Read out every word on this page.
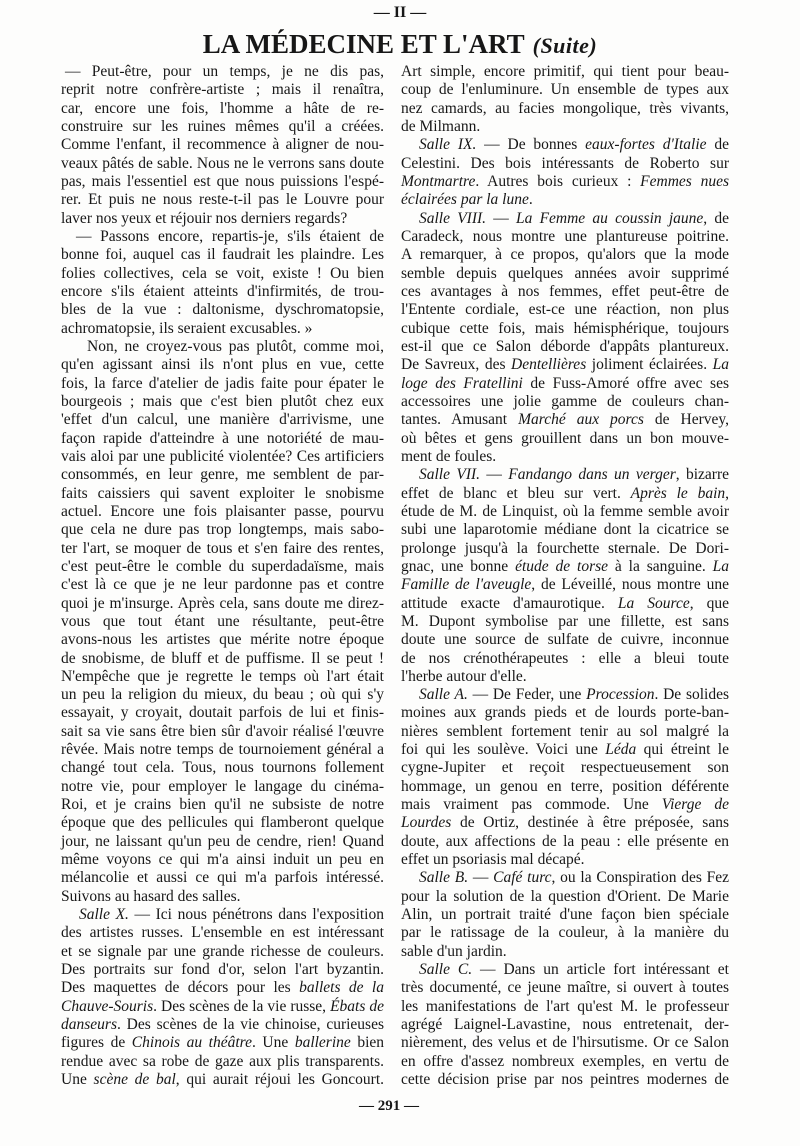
— II —
LA MÉDECINE ET L'ART (Suite)
— Peut-être, pour un temps, je ne dis pas,
reprit notre confrère-artiste ; mais il renaîtra,
car, encore une fois, l'homme a hâte de re-
construire sur les ruines mêmes qu'il a créées.
Comme l'enfant, il recommence à aligner de nou-
veaux pâtés de sable. Nous ne le verrons sans doute
pas, mais l'essentiel est que nous puissions l'espé-
rer. Et puis ne nous reste-t-il pas le Louvre pour
laver nos yeux et réjouir nos derniers regards?
— Passons encore, repartis-je, s'ils étaient de
bonne foi, auquel cas il faudrait les plaindre. Les
folies collectives, cela se voit, existe ! Ou bien
encore s'ils étaient atteints d'infirmités, de trou-
bles de la vue : daltonisme, dyschromatopsie,
achromatopsie, ils seraient excusables. »
Non, ne croyez-vous pas plutôt, comme moi,
qu'en agissant ainsi ils n'ont plus en vue, cette
fois, la farce d'atelier de jadis faite pour épater le
bourgeois ; mais que c'est bien plutôt chez eux
'effet d'un calcul, une manière d'arrivisme, une
façon rapide d'atteindre à une notoriété de mau-
vais aloi par une publicité violentée? Ces artificiers
consommés, en leur genre, me semblent de par-
faits caissiers qui savent exploiter le snobisme
actuel. Encore une fois plaisanter passe, pourvu
que cela ne dure pas trop longtemps, mais sabo-
ter l'art, se moquer de tous et s'en faire des rentes,
c'est peut-être le comble du superdadaïsme, mais
c'est là ce que je ne leur pardonne pas et contre
quoi je m'insurge. Après cela, sans doute me direz-
vous que tout étant une résultante, peut-être
avons-nous les artistes que mérite notre époque
de snobisme, de bluff et de puffisme. Il se peut !
N'empêche que je regrette le temps où l'art était
un peu la religion du mieux, du beau ; où qui s'y
essayait, y croyait, doutait parfois de lui et finis-
sait sa vie sans être bien sûr d'avoir réalisé l'œuvre
rêvée. Mais notre temps de tournoiement général a
changé tout cela. Tous, nous tournons follement
notre vie, pour employer le langage du cinéma-
Roi, et je crains bien qu'il ne subsiste de notre
époque que des pellicules qui flamberont quelque
jour, ne laissant qu'un peu de cendre, rien! Quand
même voyons ce qui m'a ainsi induit un peu en
mélancolie et aussi ce qui m'a parfois intéressé.
Suivons au hasard des salles.
Salle X. — Ici nous pénétrons dans l'exposition
des artistes russes. L'ensemble en est intéressant
et se signale par une grande richesse de couleurs.
Des portraits sur fond d'or, selon l'art byzantin.
Des maquettes de décors pour les ballets de la
Chauve-Souris. Des scènes de la vie russe, Ébats de
danseurs. Des scènes de la vie chinoise, curieuses
figures de Chinois au théâtre. Une ballerine bien
rendue avec sa robe de gaze aux plis transparents.
Une scène de bal, qui aurait réjoui les Goncourt.
Art simple, encore primitif, qui tient pour beau-
coup de l'enluminure. Un ensemble de types aux
nez camards, au facies mongolique, très vivants,
de Milmann.
Salle IX. — De bonnes eaux-fortes d'Italie de
Celestini. Des bois intéressants de Roberto sur
Montmartre. Autres bois curieux : Femmes nues
éclairées par la lune.
Salle VIII. — La Femme au coussin jaune, de
Caradeck, nous montre une plantureuse poitrine.
A remarquer, à ce propos, qu'alors que la mode
semble depuis quelques années avoir supprimé
ces avantages à nos femmes, effet peut-être de
l'Entente cordiale, est-ce une réaction, non plus
cubique cette fois, mais hémisphérique, toujours
est-il que ce Salon déborde d'appâts plantureux.
De Savreux, des Dentellières joliment éclairées. La
loge des Fratellini de Fuss-Amoré offre avec ses
accessoires une jolie gamme de couleurs chan-
tantes. Amusant Marché aux porcs de Hervey,
où bêtes et gens grouillent dans un bon mouve-
ment de foules.
Salle VII. — Fandango dans un verger, bizarre
effet de blanc et bleu sur vert. Après le bain,
étude de M. de Linquist, où la femme semble avoir
subi une laparotomie médiane dont la cicatrice se
prolonge jusqu'à la fourchette sternale. De Dori-
gnac, une bonne étude de torse à la sanguine. La
Famille de l'aveugle, de Léveillé, nous montre une
attitude exacte d'amaurotique. La Source, que
M. Dupont symbolise par une fillette, est sans
doute une source de sulfate de cuivre, inconnue
de nos crénothérapeutes : elle a bleui toute
l'herbe autour d'elle.
Salle A. — De Feder, une Procession. De solides
moines aux grands pieds et de lourds porte-ban-
nières semblent fortement tenir au sol malgré la
foi qui les soulève. Voici une Léda qui étreint le
cygne-Jupiter et reçoit respectueusement son
hommage, un genou en terre, position déférente
mais vraiment pas commode. Une Vierge de
Lourdes de Ortiz, destinée à être préposée, sans
doute, aux affections de la peau : elle présente en
effet un psoriasis mal décapé.
Salle B. — Café turc, ou la Conspiration des Fez
pour la solution de la question d'Orient. De Marie
Alin, un portrait traité d'une façon bien spéciale
par le ratissage de la couleur, à la manière du
sable d'un jardin.
Salle C. — Dans un article fort intéressant et
très documenté, ce jeune maître, si ouvert à toutes
les manifestations de l'art qu'est M. le professeur
agrégé Laignel-Lavastine, nous entretenait, der-
nièrement, des velus et de l'hirsutisme. Or ce Salon
en offre d'assez nombreux exemples, en vertu de
cette décision prise par nos peintres modernes de
— 291 —
